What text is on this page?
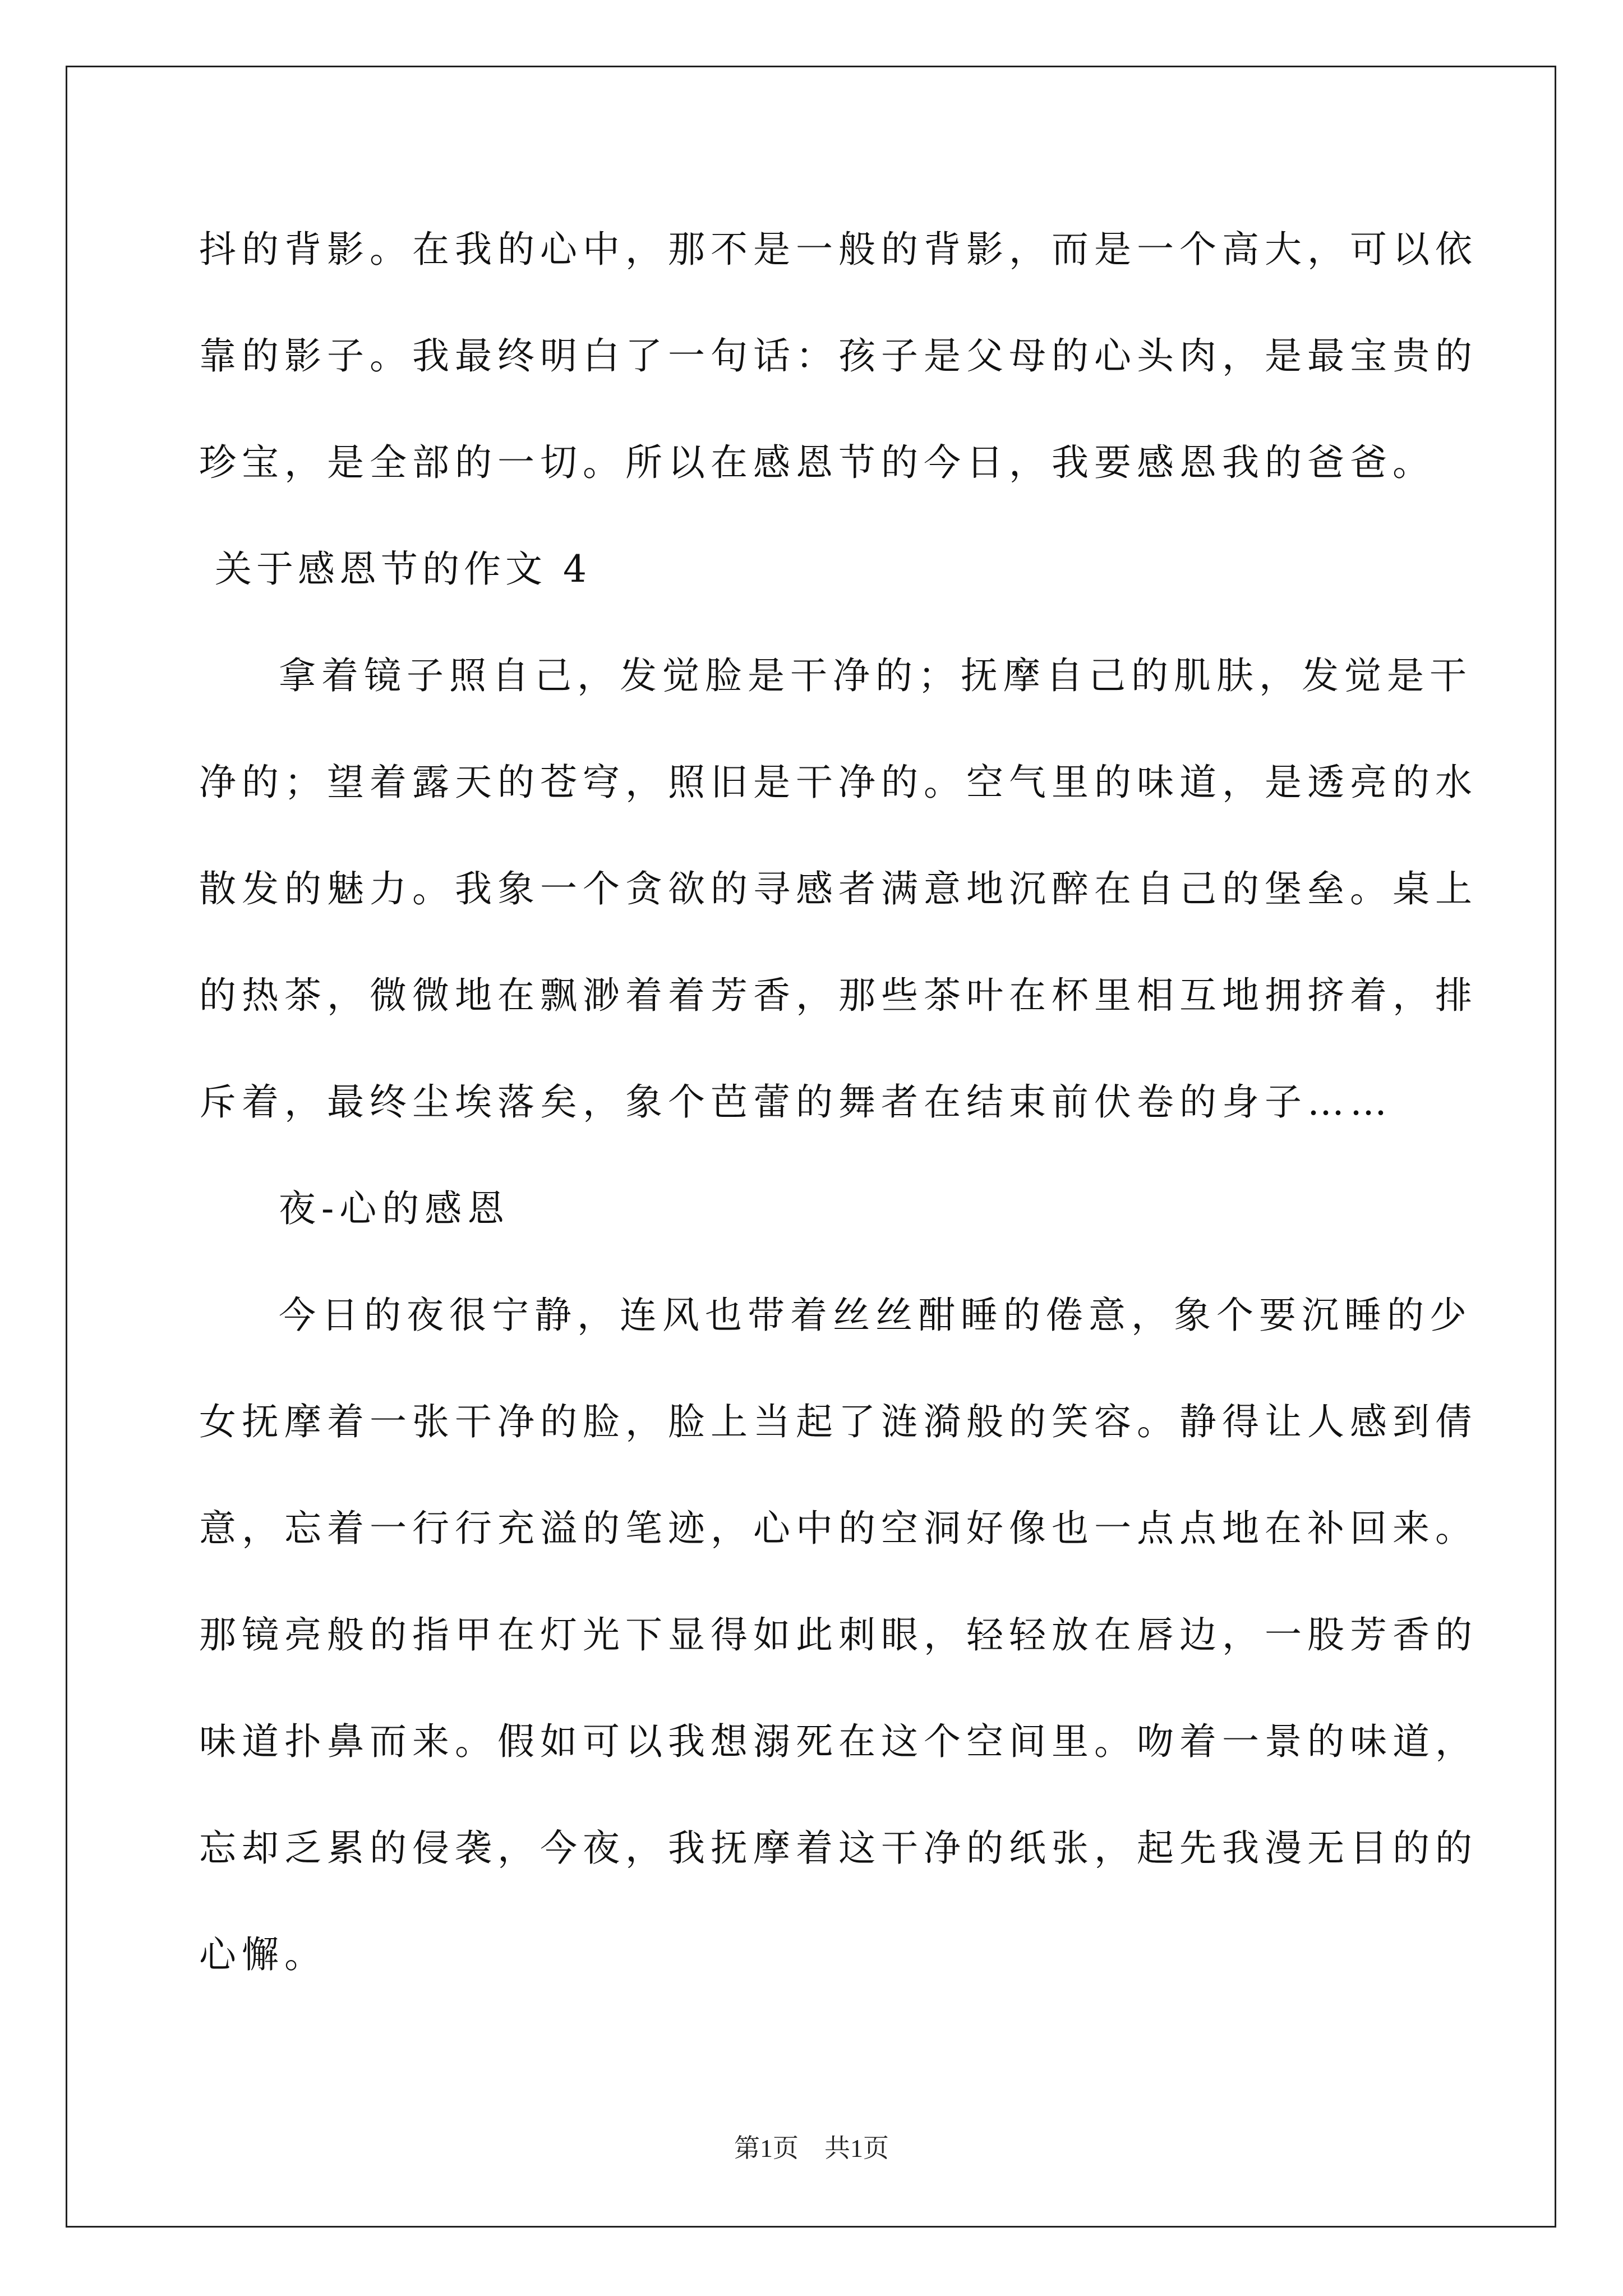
抖的背影。在我的心中，那不是一般的背影，而是一个高大，可以依
靠的影子。我最终明白了一句话：孩子是父母的心头肉，是最宝贵的
珍宝，是全部的一切。所以在感恩节的今日，我要感恩我的爸爸。
关于感恩节的作文 4
拿着镜子照自己，发觉脸是干净的；抚摩自己的肌肤，发觉是干
净的；望着露天的苍穹，照旧是干净的。空气里的味道，是透亮的水
散发的魅力。我象一个贪欲的寻感者满意地沉醉在自己的堡垒。桌上
的热茶，微微地在飘渺着着芳香，那些茶叶在杯里相互地拥挤着，排
斥着，最终尘埃落矣，象个芭蕾的舞者在结束前伏卷的身子……
夜-心的感恩
今日的夜很宁静，连风也带着丝丝酣睡的倦意，象个要沉睡的少
女抚摩着一张干净的脸，脸上当起了涟漪般的笑容。静得让人感到倩
意，忘着一行行充溢的笔迹，心中的空洞好像也一点点地在补回来。
那镜亮般的指甲在灯光下显得如此刺眼，轻轻放在唇边，一股芳香的
味道扑鼻而来。假如可以我想溺死在这个空间里。吻着一景的味道，
忘却乏累的侵袭，今夜，我抚摩着这干净的纸张，起先我漫无目的的
心懈。
第1页　共1页
